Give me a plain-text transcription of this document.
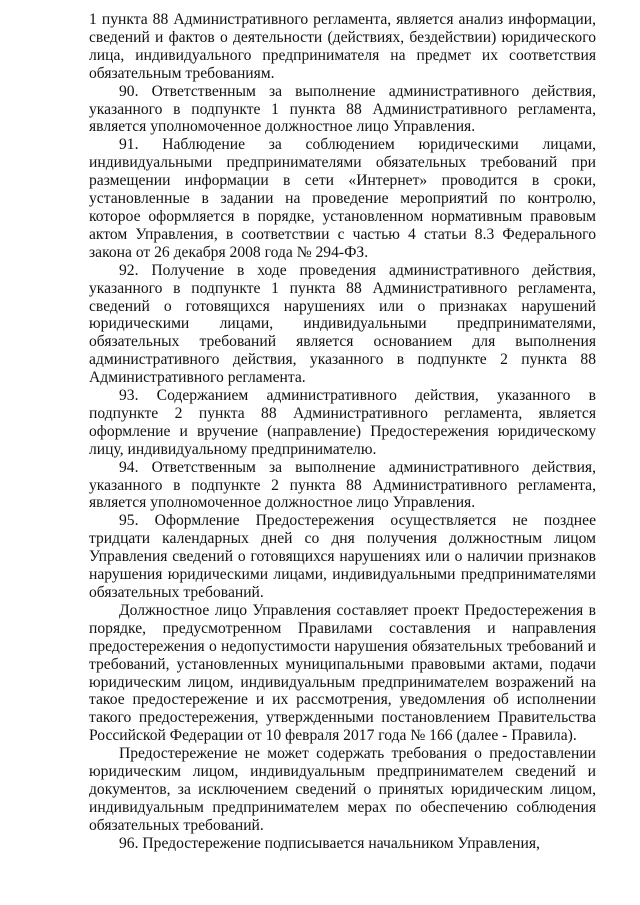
1 пункта 88 Административного регламента, является анализ информации, сведений и фактов о деятельности (действиях, бездействии) юридического лица, индивидуального предпринимателя на предмет их соответствия обязательным требованиям.

90. Ответственным за выполнение административного действия, указанного в подпункте 1 пункта 88 Административного регламента, является уполномоченное должностное лицо Управления.

91. Наблюдение за соблюдением юридическими лицами, индивидуальными предпринимателями обязательных требований при размещении информации в сети «Интернет» проводится в сроки, установленные в задании на проведение мероприятий по контролю, которое оформляется в порядке, установленном нормативным правовым актом Управления, в соответствии с частью 4 статьи 8.3 Федерального закона от 26 декабря 2008 года № 294-ФЗ.

92. Получение в ходе проведения административного действия, указанного в подпункте 1 пункта 88 Административного регламента, сведений о готовящихся нарушениях или о признаках нарушений юридическими лицами, индивидуальными предпринимателями, обязательных требований является основанием для выполнения административного действия, указанного в подпункте 2 пункта 88 Административного регламента.

93. Содержанием административного действия, указанного в подпункте 2 пункта 88 Административного регламента, является оформление и вручение (направление) Предостережения юридическому лицу, индивидуальному предпринимателю.

94. Ответственным за выполнение административного действия, указанного в подпункте 2 пункта 88 Административного регламента, является уполномоченное должностное лицо Управления.

95. Оформление Предостережения осуществляется не позднее тридцати календарных дней со дня получения должностным лицом Управления сведений о готовящихся нарушениях или о наличии признаков нарушения юридическими лицами, индивидуальными предпринимателями обязательных требований.

Должностное лицо Управления составляет проект Предостережения в порядке, предусмотренном Правилами составления и направления предостережения о недопустимости нарушения обязательных требований и требований, установленных муниципальными правовыми актами, подачи юридическим лицом, индивидуальным предпринимателем возражений на такое предостережение и их рассмотрения, уведомления об исполнении такого предостережения, утвержденными постановлением Правительства Российской Федерации от 10 февраля 2017 года № 166 (далее - Правила).

Предостережение не может содержать требования о предоставлении юридическим лицом, индивидуальным предпринимателем сведений и документов, за исключением сведений о принятых юридическим лицом, индивидуальным предпринимателем мерах по обеспечению соблюдения обязательных требований.

96. Предостережение подписывается начальником Управления,
